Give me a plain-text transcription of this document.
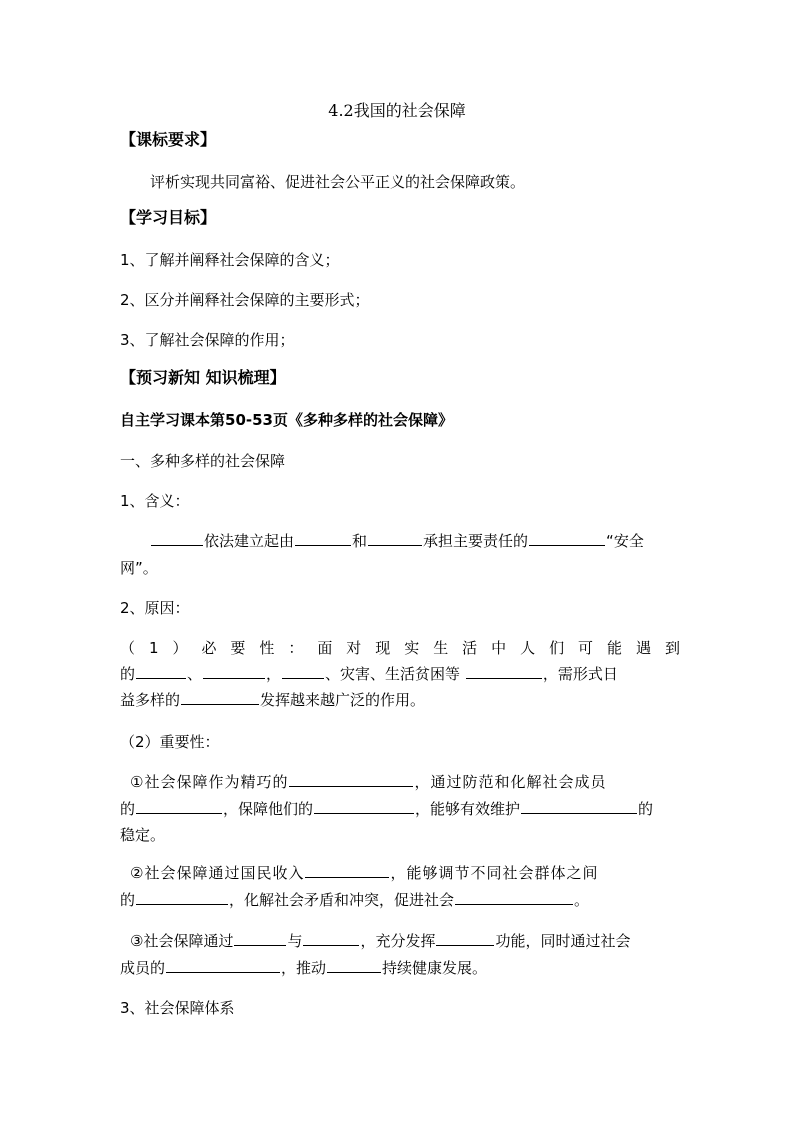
4.2我国的社会保障
【课标要求】
评析实现共同富裕、促进社会公平正义的社会保障政策。
【学习目标】
1、了解并阐释社会保障的含义；
2、区分并阐释社会保障的主要形式；
3、了解社会保障的作用；
【预习新知 知识梳理】
自主学习课本第50-53页《多种多样的社会保障》
一、多种多样的社会保障
1、含义：
依法建立起由	和	承担主要责任的	“安全
网”。
2、原因：
（ 1 ） 必 要 性 ： 面 对 现 实 生 活 中 人 们 可 能 遇 到
的	、	，	、灾害、生活贫困等	，需形式日
益多样的	发挥越来越广泛的作用。
（2）重要性：
①社会保障作为精巧的	，通过防范和化解社会成员
的	，保障他们的	，能够有效维护	的
稳定。
②社会保障通过国民收入	，能够调节不同社会群体之间
的	，化解社会矛盾和冲突，促进社会	。
③社会保障通过	与	，充分发挥	功能，同时通过社会
成员的	，推动	持续健康发展。
3、社会保障体系
